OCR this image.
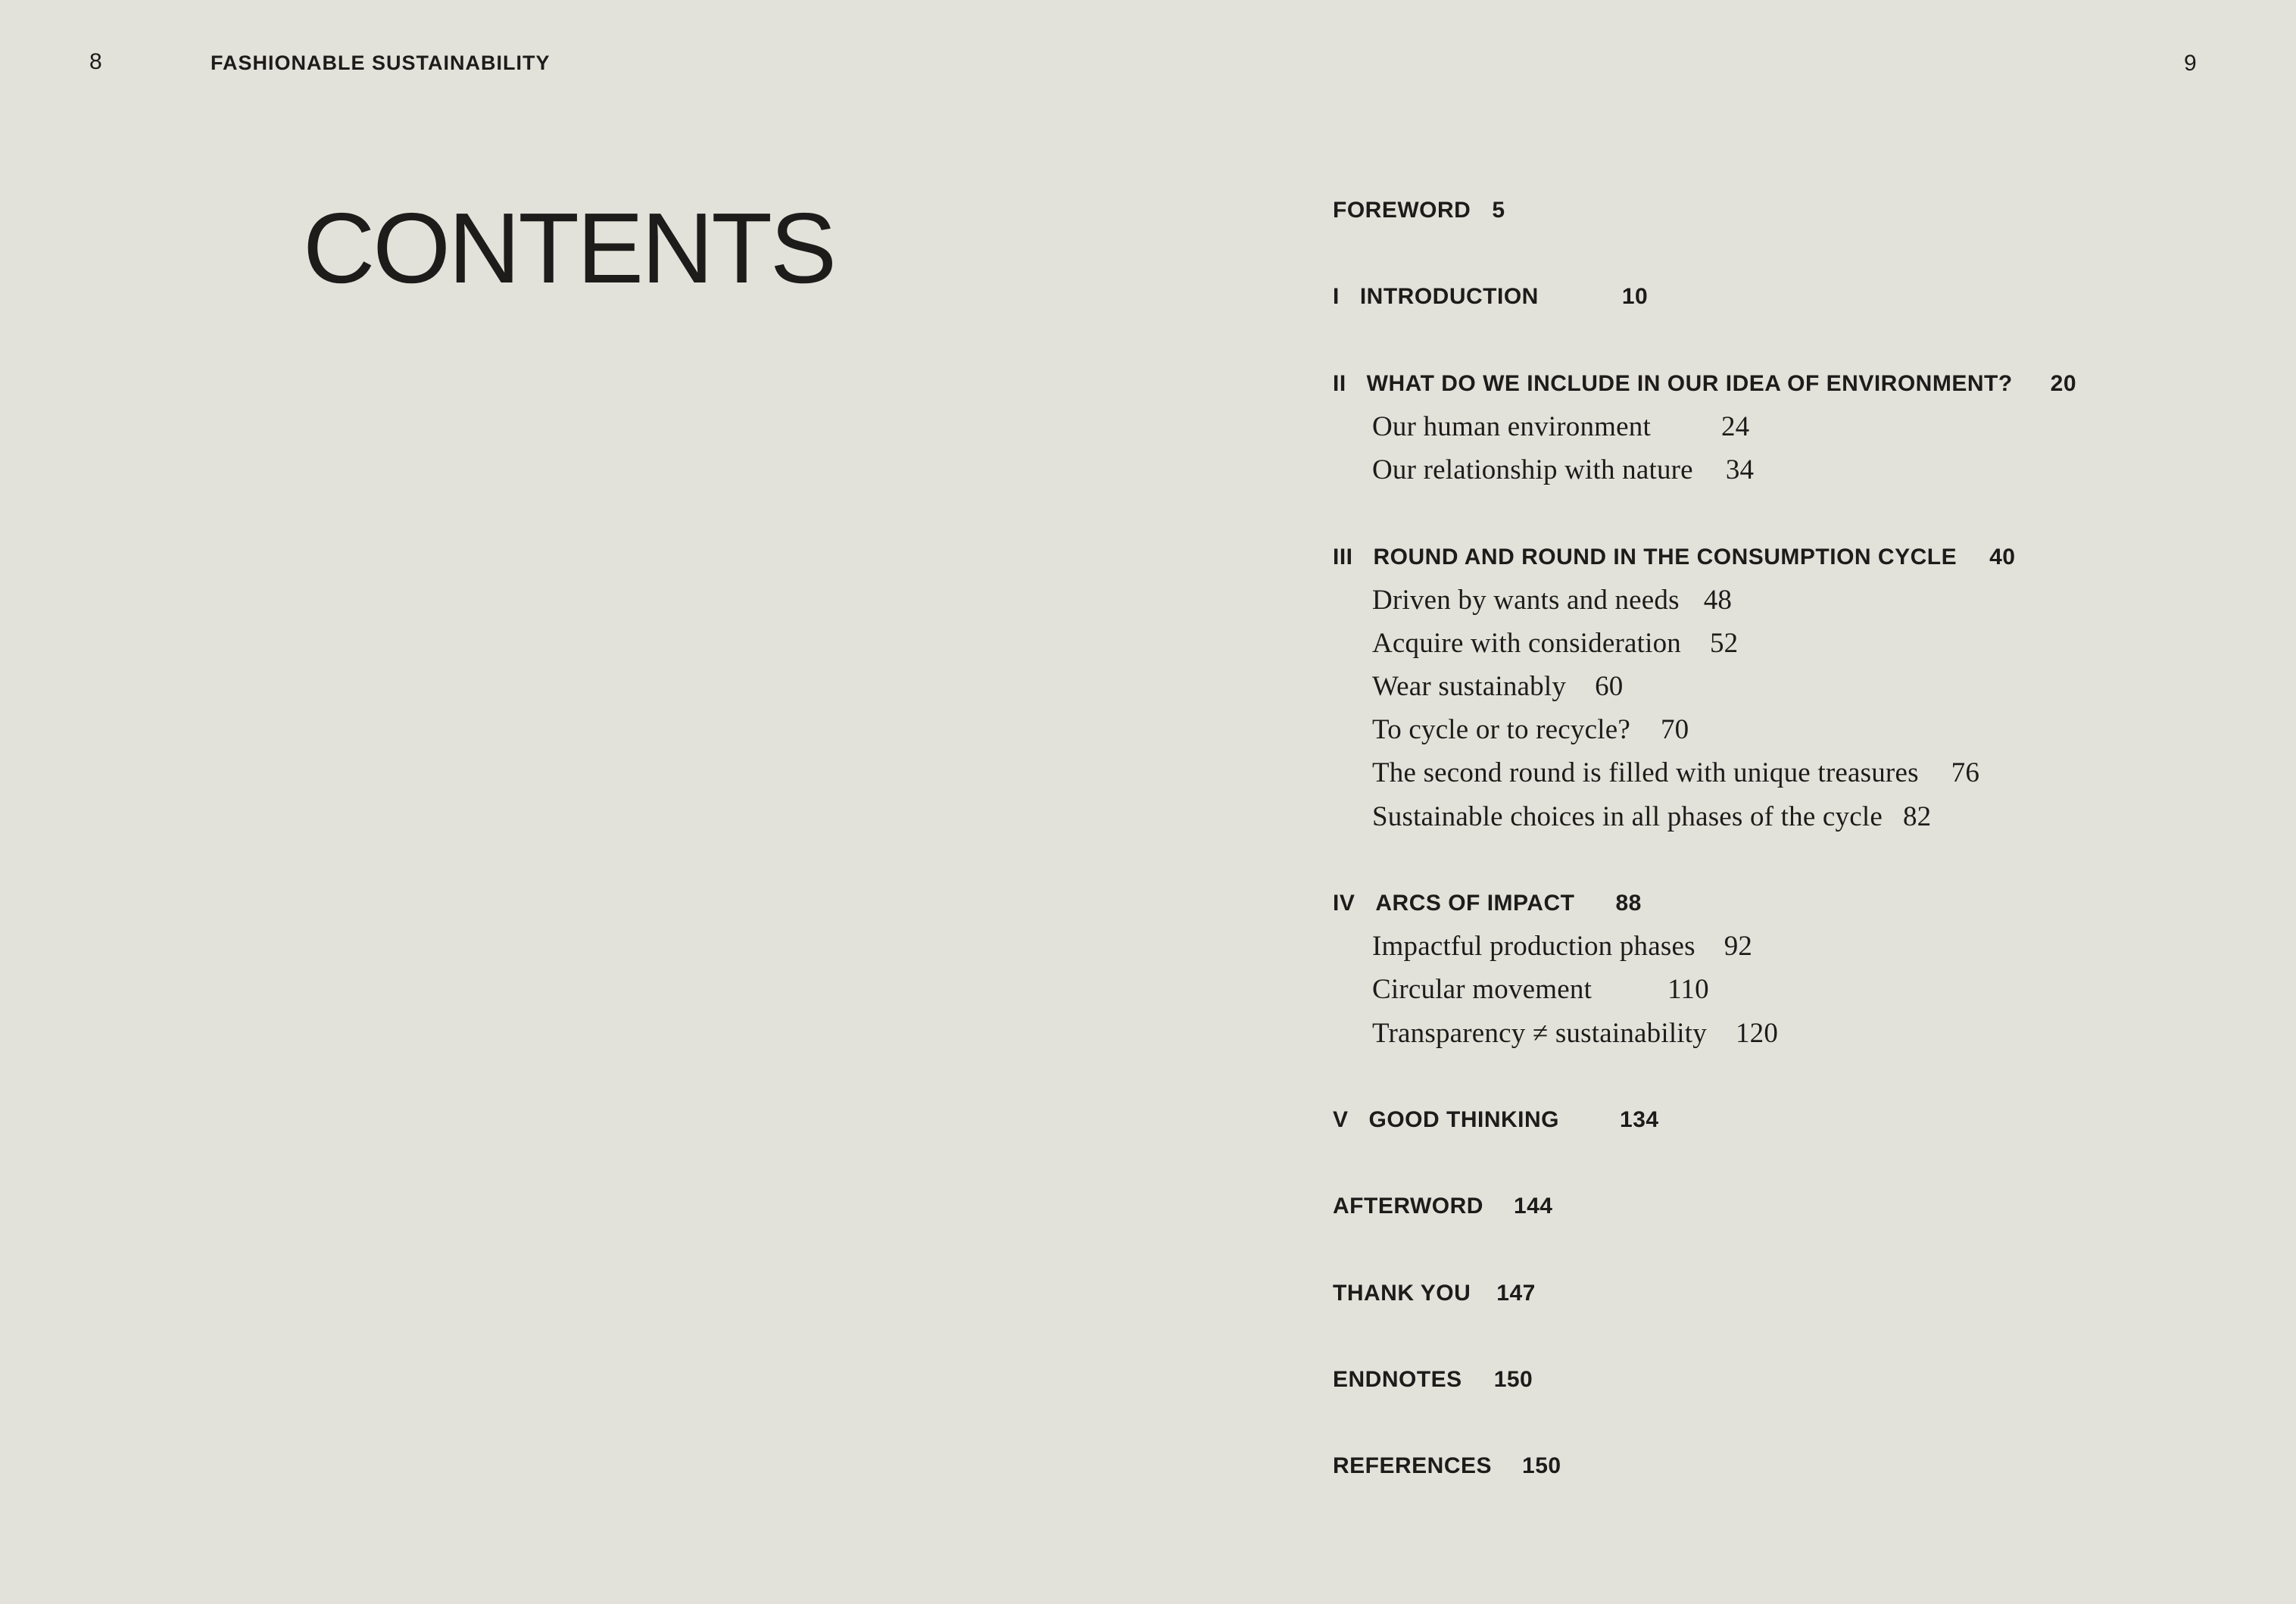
8	FASHIONABLE SUSTAINABILITY	9
CONTENTS	FOREWORD 5
I INTRODUCTION	10
II WHAT DO WE INCLUDE IN OUR IDEA OF ENVIRONMENT? 20
Our human environment	24
Our relationship with nature 34
III ROUND AND ROUND IN THE CONSUMPTION CYCLE 40
Driven by wants and needs 48
Acquire with consideration 52
Wear sustainably 60
To cycle or to recycle? 70
The second round is filled with unique treasures 76
Sustainable choices in all phases of the cycle 82
IV ARCS OF IMPACT 88
Impactful production phases 92
Circular movement	110
Transparency ≠ sustainability 120
V GOOD THINKING	134
AFTERWORD 144
THANK YOU 147
ENDNOTES 150
REFERENCES 150
